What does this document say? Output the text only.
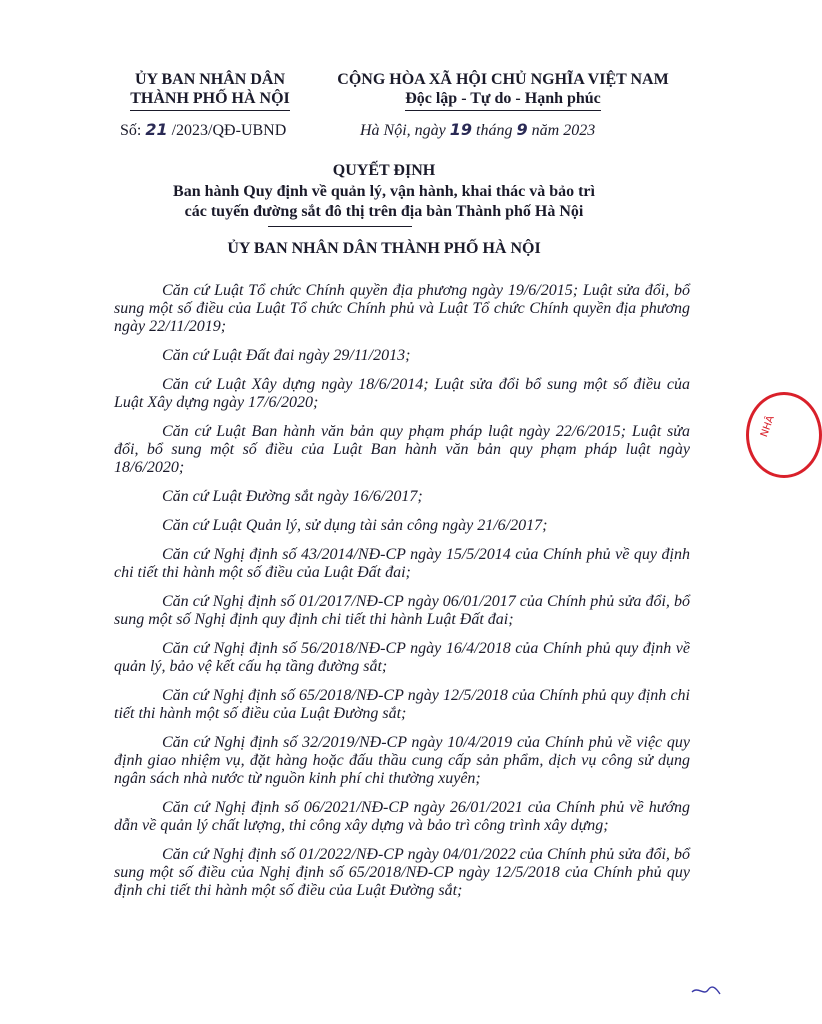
ỦY BAN NHÂN DÂN
THÀNH PHỐ HÀ NỘI
CỘNG HÒA XÃ HỘI CHỦ NGHĨA VIỆT NAM
Độc lập - Tự do - Hạnh phúc
Số: 21 /2023/QĐ-UBND	Hà Nội, ngày 19 tháng 9 năm 2023
QUYẾT ĐỊNH
Ban hành Quy định về quản lý, vận hành, khai thác và bảo trì
các tuyến đường sắt đô thị trên địa bàn Thành phố Hà Nội
ỦY BAN NHÂN DÂN THÀNH PHỐ HÀ NỘI

Căn cứ Luật Tổ chức Chính quyền địa phương ngày 19/6/2015; Luật sửa đổi, bổ sung một số điều của Luật Tổ chức Chính phủ và Luật Tổ chức Chính quyền địa phương ngày 22/11/2019;

Căn cứ Luật Đất đai ngày 29/11/2013;

Căn cứ Luật Xây dựng ngày 18/6/2014; Luật sửa đổi bổ sung một số điều của Luật Xây dựng ngày 17/6/2020;

Căn cứ Luật Ban hành văn bản quy phạm pháp luật ngày 22/6/2015; Luật sửa đổi, bổ sung một số điều của Luật Ban hành văn bản quy phạm pháp luật ngày 18/6/2020;

Căn cứ Luật Đường sắt ngày 16/6/2017;

Căn cứ Luật Quản lý, sử dụng tài sản công ngày 21/6/2017;

Căn cứ Nghị định số 43/2014/NĐ-CP ngày 15/5/2014 của Chính phủ về quy định chi tiết thi hành một số điều của Luật Đất đai;

Căn cứ Nghị định số 01/2017/NĐ-CP ngày 06/01/2017 của Chính phủ sửa đổi, bổ sung một số Nghị định quy định chi tiết thi hành Luật Đất đai;

Căn cứ Nghị định số 56/2018/NĐ-CP ngày 16/4/2018 của Chính phủ quy định về quản lý, bảo vệ kết cấu hạ tầng đường sắt;

Căn cứ Nghị định số 65/2018/NĐ-CP ngày 12/5/2018 của Chính phủ quy định chi tiết thi hành một số điều của Luật Đường sắt;

Căn cứ Nghị định số 32/2019/NĐ-CP ngày 10/4/2019 của Chính phủ về việc quy định giao nhiệm vụ, đặt hàng hoặc đấu thầu cung cấp sản phẩm, dịch vụ công sử dụng ngân sách nhà nước từ nguồn kinh phí chi thường xuyên;

Căn cứ Nghị định số 06/2021/NĐ-CP ngày 26/01/2021 của Chính phủ về hướng dẫn về quản lý chất lượng, thi công xây dựng và bảo trì công trình xây dựng;

Căn cứ Nghị định số 01/2022/NĐ-CP ngày 04/01/2022 của Chính phủ sửa đổi, bổ sung một số điều của Nghị định số 65/2018/NĐ-CP ngày 12/5/2018 của Chính phủ quy định chi tiết thi hành một số điều của Luật Đường sắt;

NHÂ
